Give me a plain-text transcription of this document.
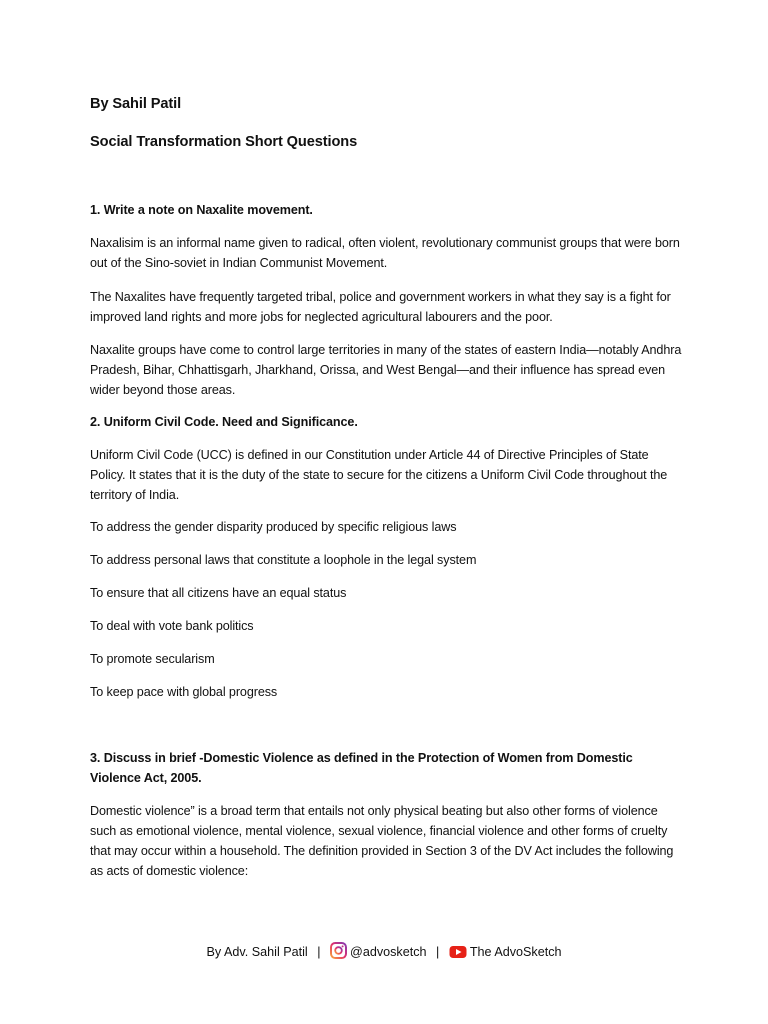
By Sahil Patil
Social Transformation Short Questions
1. Write a note on Naxalite movement.
Naxalisim is an informal name given to radical, often violent, revolutionary communist groups that were born out of the Sino-soviet in Indian Communist Movement.
The Naxalites have frequently targeted tribal, police and government workers in what they say is a fight for improved land rights and more jobs for neglected agricultural labourers and the poor.
Naxalite groups have come to control large territories in many of the states of eastern India—notably Andhra Pradesh, Bihar, Chhattisgarh, Jharkhand, Orissa, and West Bengal—and their influence has spread even wider beyond those areas.
2. Uniform Civil Code. Need and Significance.
Uniform Civil Code (UCC) is defined in our Constitution under Article 44 of Directive Principles of State Policy. It states that it is the duty of the state to secure for the citizens a Uniform Civil Code throughout the territory of India.
To address the gender disparity produced by specific religious laws
To address personal laws that constitute a loophole in the legal system
To ensure that all citizens have an equal status
To deal with vote bank politics
To promote secularism
To keep pace with global progress
3. Discuss in brief -Domestic Violence as defined in the Protection of Women from Domestic Violence Act, 2005.
Domestic violence” is a broad term that entails not only physical beating but also other forms of violence such as emotional violence, mental violence, sexual violence, financial violence and other forms of cruelty that may occur within a household. The definition provided in Section 3 of the DV Act includes the following as acts of domestic violence:
By Adv. Sahil Patil | @advosketch | The AdvoSketch
